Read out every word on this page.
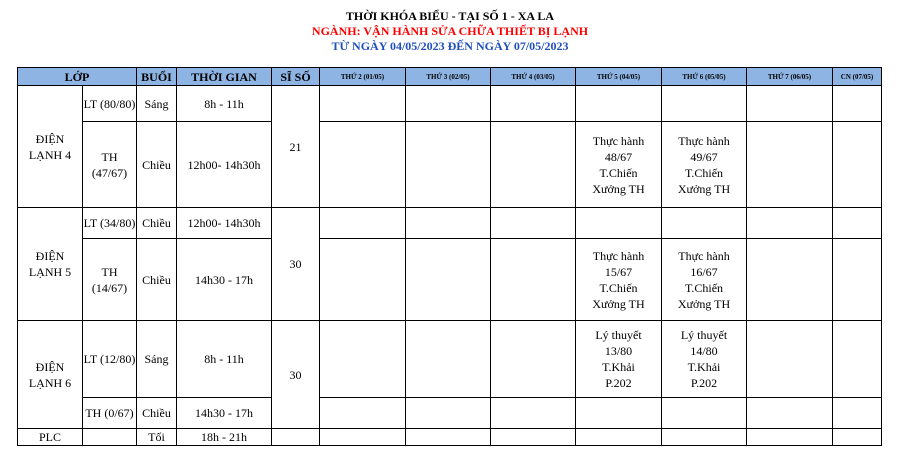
THỜI KHÓA BIỂU - TẠI SỐ 1 - XA LA
NGÀNH: VẬN HÀNH SỬA CHỮA THIẾT BỊ LẠNH
TỪ NGÀY 04/05/2023 ĐẾN NGÀY 07/05/2023
LỚP		BUỔI	THỜI GIAN	SĨ SỐ	THỨ 2 (01/05)	THỨ 3 (02/05)	THỨ 4 (03/05)	THỨ 5 (04/05)	THỨ 6 (05/05)	THỨ 7 (06/05)	CN (07/05)
ĐIỆN LẠNH 4	LT (80/80)	Sáng	8h - 11h	21							
	TH (47/67)	Chiều	12h00- 14h30h					Thực hành
48/67
T.Chiến
Xưởng TH	Thực hành
49/67
T.Chiến
Xưởng TH		
ĐIỆN LẠNH 5	LT (34/80)	Chiều	12h00- 14h30h	30							
	TH (14/67)	Chiều	14h30 - 17h					Thực hành
15/67
T.Chiến
Xưởng TH	Thực hành
16/67
T.Chiến
Xưởng TH		
ĐIỆN LẠNH 6	LT (12/80)	Sáng	8h - 11h	30				Lý thuyết
13/80
T.Khải
P.202	Lý thuyết
14/80
T.Khải
P.202		
	TH (0/67)	Chiều	14h30 - 17h								
PLC		Tối	18h - 21h								
